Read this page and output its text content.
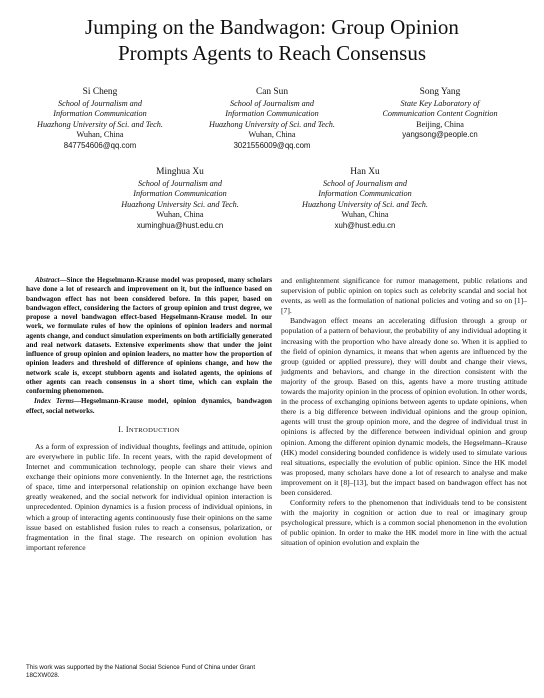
Jumping on the Bandwagon: Group Opinion
Prompts Agents to Reach Consensus
Si Cheng
School of Journalism and
Information Communication
Huazhong University of Sci. and Tech.
Wuhan, China
847754606@qq.com
Can Sun
School of Journalism and
Information Communication
Huazhong University of Sci. and Tech.
Wuhan, China
3021556009@qq.com
Song Yang
State Key Laboratory of
Communication Content Cognition
Beijing, China
yangsong@people.cn
Minghua Xu
School of Journalism and
Information Communication
Huazhong University Sci. and Tech.
Wuhan, China
xuminghua@hust.edu.cn
Han Xu
School of Journalism and
Information Communication
Huazhong University of Sci. and Tech.
Wuhan, China
xuh@hust.edu.cn

Abstract—Since the Hegselmann-Krause model was proposed, many scholars have done a lot of research and improvement on it, but the influence based on bandwagon effect has not been considered before. In this paper, based on bandwagon effect, considering the factors of group opinion and trust degree, we propose a novel bandwagon effect-based Hegselmann-Krause model. In our work, we formulate rules of how the opinions of opinion leaders and normal agents change, and conduct simulation experiments on both artificially generated and real network datasets. Extensive experiments show that under the joint influence of group opinion and opinion leaders, no matter how the proportion of opinion leaders and threshold of difference of opinions change, and how the network scale is, except stubborn agents and isolated agents, the opinions of other agents can reach consensus in a short time, which can explain the conforming phenomenon.

Index Terms—Hegselmann-Krause model, opinion dynamics, bandwagon effect, social networks.

I. INTRODUCTION

As a form of expression of individual thoughts, feelings and attitude, opinion are everywhere in public life. In recent years, with the rapid development of Internet and communication technology, people can share their views and exchange their opinions more conveniently. In the Internet age, the restrictions of space, time and interpersonal relationship on opinion exchange have been greatly weakened, and the social network for individual opinion interaction is unprecedented. Opinion dynamics is a fusion process of individual opinions, in which a group of interacting agents continuously fuse their opinions on the same issue based on established fusion rules to reach a consensus, polarization, or fragmentation in the final stage. The research on opinion evolution has important reference

This work was supported by the National Social Science Fund of China under Grant 18CXW028.

and enlightenment significance for rumor management, public relations and supervision of public opinion on topics such as celebrity scandal and social hot events, as well as the formulation of national policies and voting and so on [1]–[7].

Bandwagon effect means an accelerating diffusion through a group or population of a pattern of behaviour, the probability of any individual adopting it increasing with the proportion who have already done so. When it is applied to the field of opinion dynamics, it means that when agents are influenced by the group (guided or applied pressure), they will doubt and change their views, judgments and behaviors, and change in the direction consistent with the majority of the group. Based on this, agents have a more trusting attitude towards the majority opinion in the process of opinion evolution. In other words, in the process of exchanging opinions between agents to update opinions, when there is a big difference between individual opinions and the group opinion, agents will trust the group opinion more, and the degree of individual trust in opinions is affected by the difference between individual opinion and group opinion. Among the different opinion dynamic models, the Hegselmann–Krause (HK) model considering bounded confidence is widely used to simulate various real situations, especially the evolution of public opinion. Since the HK model was proposed, many scholars have done a lot of research to analyse and make improvement on it [8]–[13], but the impact based on bandwagon effect has not been considered.

Conformity refers to the phenomenon that individuals tend to be consistent with the majority in cognition or action due to real or imaginary group psychological pressure, which is a common social phenomenon in the evolution of public opinion. In order to make the HK model more in line with the actual situation of opinion evolution and explain the
